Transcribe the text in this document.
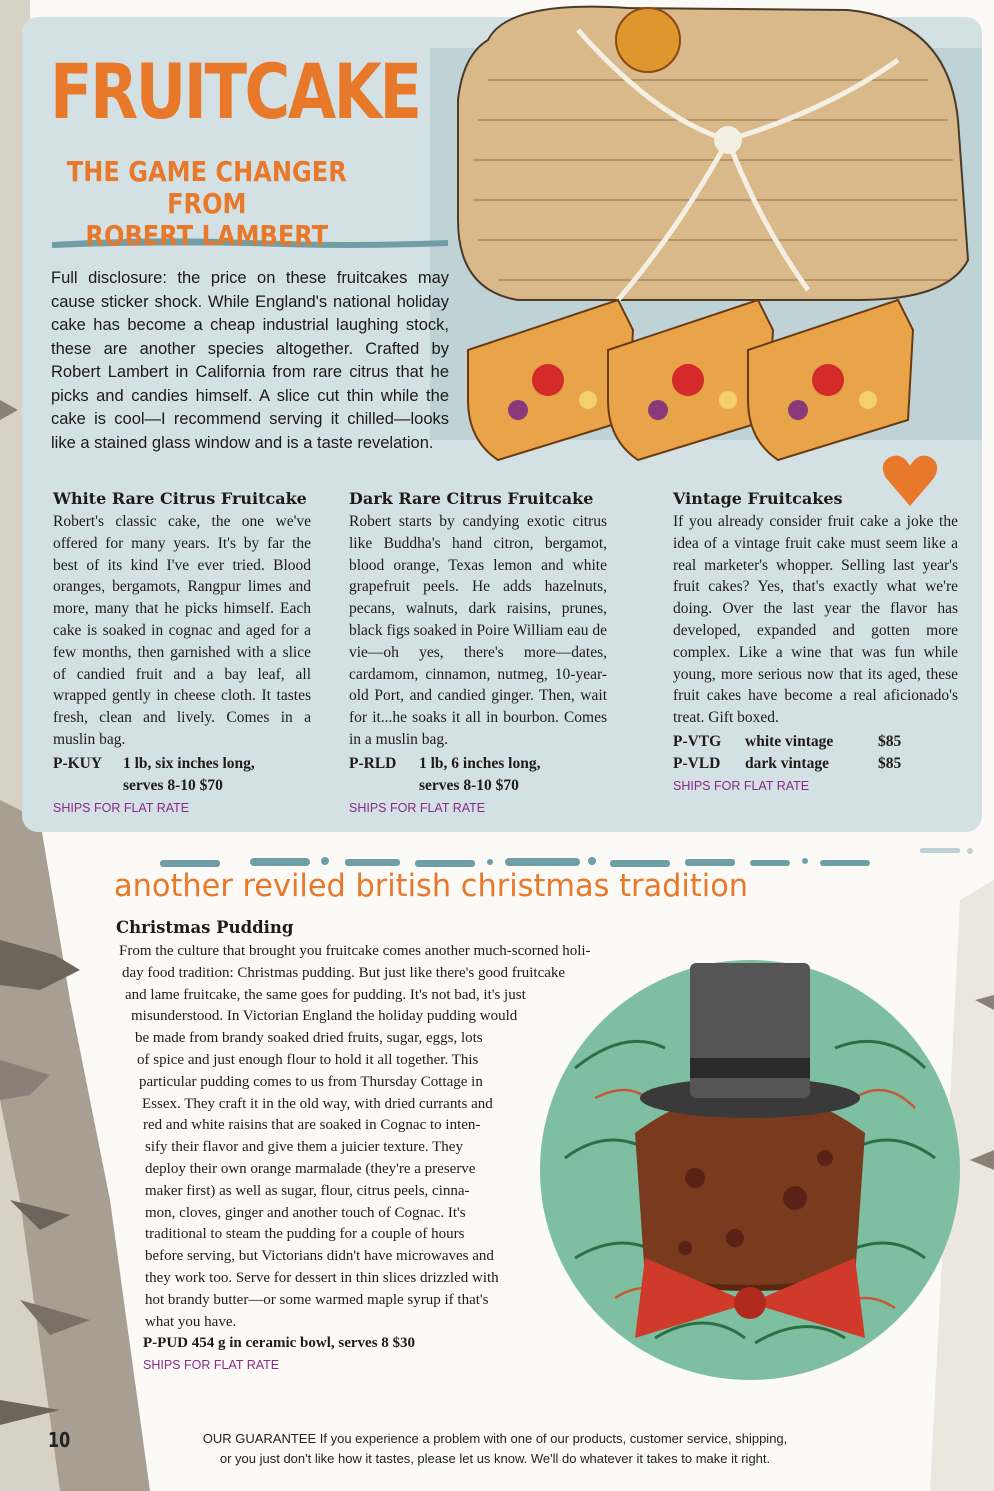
FRUITCAKE
THE GAME CHANGER FROM
ROBERT LAMBERT
Full disclosure: the price on these fruitcakes may cause sticker shock. While England's national holiday cake has become a cheap industrial laughing stock, these are another species altogether. Crafted by Robert Lambert in California from rare citrus that he picks and candies himself. A slice cut thin while the cake is cool—I recommend serving it chilled—looks like a stained glass window and is a taste revelation.
White Rare Citrus Fruitcake
Robert's classic cake, the one we've offered for many years. It's by far the best of its kind I've ever tried. Blood oranges, bergamots, Rangpur limes and more, many that he picks himself. Each cake is soaked in cognac and aged for a few months, then garnished with a slice of candied fruit and a bay leaf, all wrapped gently in cheese cloth. It tastes fresh, clean and lively. Comes in a muslin bag.
P-KUY 1 lb, six inches long,
serves 8-10 $70
SHIPS FOR FLAT RATE
Dark Rare Citrus Fruitcake
Robert starts by candying exotic citrus like Buddha's hand citron, bergamot, blood orange, Texas lemon and white grapefruit peels. He adds hazelnuts, pecans, walnuts, dark raisins, prunes, black figs soaked in Poire William eau de vie—oh yes, there's more—dates, cardamom, cinnamon, nutmeg, 10-year-old Port, and candied ginger. Then, wait for it...he soaks it all in bourbon. Comes in a muslin bag.
P-RLD 1 lb, 6 inches long,
serves 8-10 $70
SHIPS FOR FLAT RATE
Vintage Fruitcakes
If you already consider fruit cake a joke the idea of a vintage fruit cake must seem like a real marketer's whopper. Selling last year's fruit cakes? Yes, that's exactly what we're doing. Over the last year the flavor has developed, expanded and gotten more complex. Like a wine that was fun while young, more serious now that its aged, these fruit cakes have become a real aficionado's treat. Gift boxed.
P-VTG white vintage	$85
P-VLD dark vintage	$85
SHIPS FOR FLAT RATE
another reviled british christmas tradition
Christmas Pudding
From the culture that brought you fruitcake comes another much-scorned holi-
day food tradition: Christmas pudding. But just like there's good fruitcake
and lame fruitcake, the same goes for pudding. It's not bad, it's just
misunderstood. In Victorian England the holiday pudding would
be made from brandy soaked dried fruits, sugar, eggs, lots
of spice and just enough flour to hold it all together. This
particular pudding comes to us from Thursday Cottage in
Essex. They craft it in the old way, with dried currants and
red and white raisins that are soaked in Cognac to inten-
sify their flavor and give them a juicier texture. They
deploy their own orange marmalade (they're a preserve
maker first) as well as sugar, flour, citrus peels, cinna-
mon, cloves, ginger and another touch of Cognac. It's
traditional to steam the pudding for a couple of hours
before serving, but Victorians didn't have microwaves and
they work too. Serve for dessert in thin slices drizzled with
hot brandy butter—or some warmed maple syrup if that's
what you have.
P-PUD 454 g in ceramic bowl, serves 8 $30
SHIPS FOR FLAT RATE
10	OUR GUARANTEE If you experience a problem with one of our products, customer service, shipping,
or you just don't like how it tastes, please let us know. We'll do whatever it takes to make it right.
